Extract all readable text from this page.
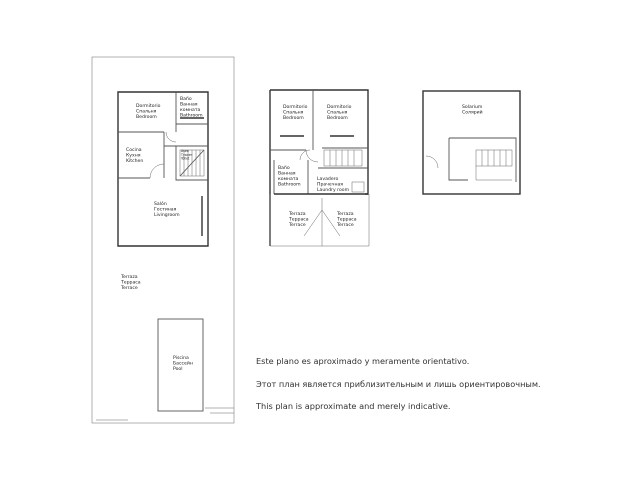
Dormitorio Спальня Bedroom
Baño Ванная комната Bathroom
Cocina Кухня Kitchen
Aseo Туалет Toilet
Salón Гостиная Livingroom
Terraza Терраса Terrace
Piscina Бассейн Pool
Dormitorio Спальня Bedroom
Dormitorio Спальня Bedroom
Baño Ванная комната Bathroom
Lavadero Прачечная Laundry room
Terraza Терраса Terrace
Terraza Терраса Terrace
Solarium Солярий
Este plano es aproximado y meramente orientativo.
Этот план является приблизительным и лишь ориентировочным.
This plan is approximate and merely indicative.
